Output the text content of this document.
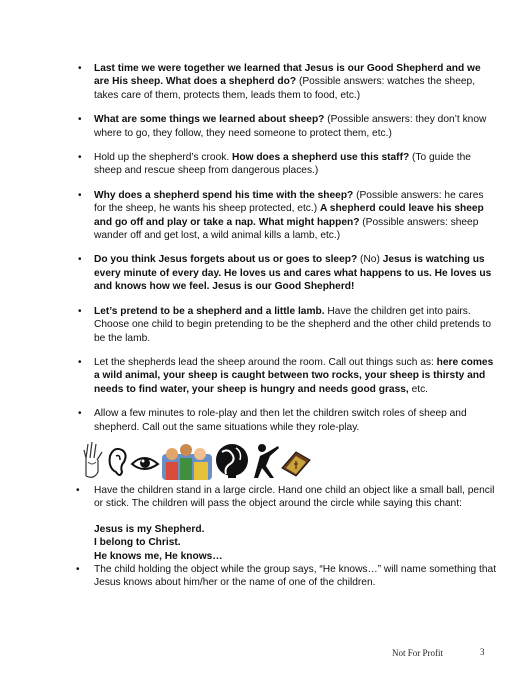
• Last time we were together we learned that Jesus is our Good Shepherd and we are His sheep. What does a shepherd do? (Possible answers: watches the sheep, takes care of them, protects them, leads them to food, etc.)

• What are some things we learned about sheep? (Possible answers: they don’t know where to go, they follow, they need someone to protect them, etc.)

• Hold up the shepherd’s crook. How does a shepherd use this staff? (To guide the sheep and rescue sheep from dangerous places.)

• Why does a shepherd spend his time with the sheep? (Possible answers: he cares for the sheep, he wants his sheep protected, etc.) A shepherd could leave his sheep and go off and play or take a nap. What might happen? (Possible answers: sheep wander off and get lost, a wild animal kills a lamb, etc.)

• Do you think Jesus forgets about us or goes to sleep? (No) Jesus is watching us every minute of every day. He loves us and cares what happens to us. He loves us and knows how we feel. Jesus is our Good Shepherd!

• Let’s pretend to be a shepherd and a little lamb. Have the children get into pairs. Choose one child to begin pretending to be the shepherd and the other child pretends to be the lamb.

• Let the shepherds lead the sheep around the room. Call out things such as: here comes a wild animal, your sheep is caught between two rocks, your sheep is thirsty and needs to find water, your sheep is hungry and needs good grass, etc.

• Allow a few minutes to role-play and then let the children switch roles of sheep and shepherd. Call out the same situations while they role-play.

• Have the children stand in a large circle. Hand one child an object like a small ball, pencil or stick. The children will pass the object around the circle while saying this chant:

Jesus is my Shepherd.

I belong to Christ.

He knows me, He knows…

• The child holding the object while the group says, “He knows…” will name something that Jesus knows about him/her or the name of one of the children.

Not For Profit	3
